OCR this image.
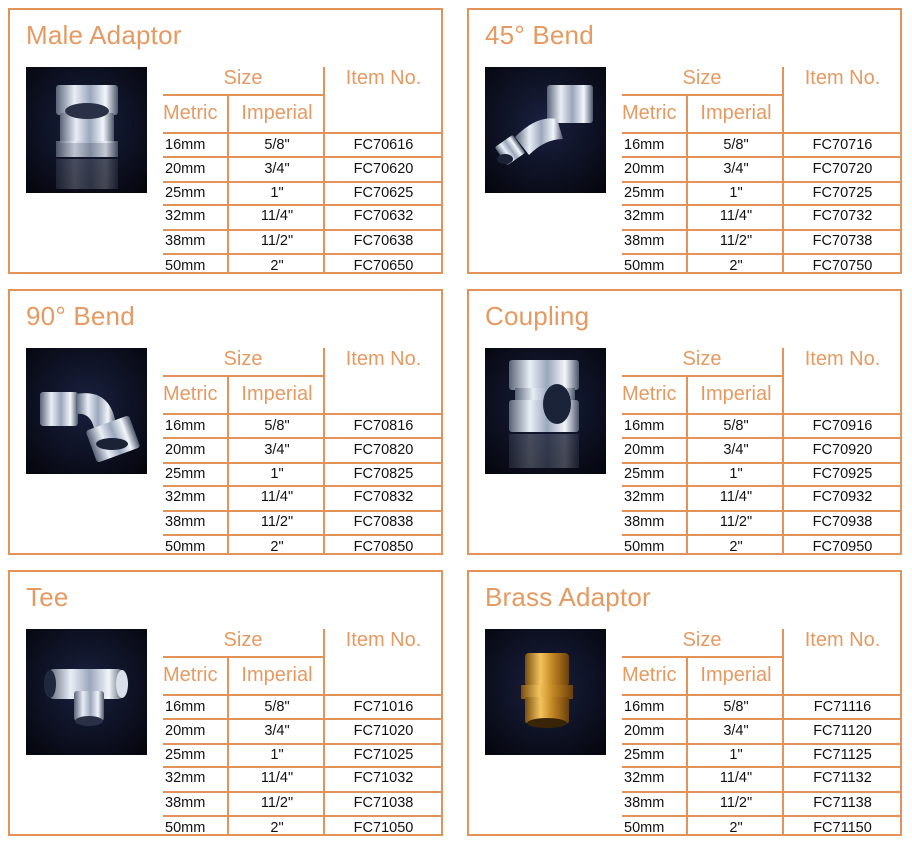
Male Adaptor
Size	Item No.
Metric	Imperial
16mm	5/8"	FC70616
20mm	3/4"	FC70620
25mm	1"	FC70625
32mm	11/4"	FC70632
38mm	11/2"	FC70638
50mm	2"	FC70650
45° Bend
Size	Item No.
Metric	Imperial
16mm	5/8"	FC70716
20mm	3/4"	FC70720
25mm	1"	FC70725
32mm	11/4"	FC70732
38mm	11/2"	FC70738
50mm	2"	FC70750
90° Bend
Size	Item No.
Metric	Imperial
16mm	5/8"	FC70816
20mm	3/4"	FC70820
25mm	1"	FC70825
32mm	11/4"	FC70832
38mm	11/2"	FC70838
50mm	2"	FC70850
Coupling
Size	Item No.
Metric	Imperial
16mm	5/8"	FC70916
20mm	3/4"	FC70920
25mm	1"	FC70925
32mm	11/4"	FC70932
38mm	11/2"	FC70938
50mm	2"	FC70950
Tee
Size	Item No.
Metric	Imperial
16mm	5/8"	FC71016
20mm	3/4"	FC71020
25mm	1"	FC71025
32mm	11/4"	FC71032
38mm	11/2"	FC71038
50mm	2"	FC71050
Brass Adaptor
Size	Item No.
Metric	Imperial
16mm	5/8"	FC71116
20mm	3/4"	FC71120
25mm	1"	FC71125
32mm	11/4"	FC71132
38mm	11/2"	FC71138
50mm	2"	FC71150
